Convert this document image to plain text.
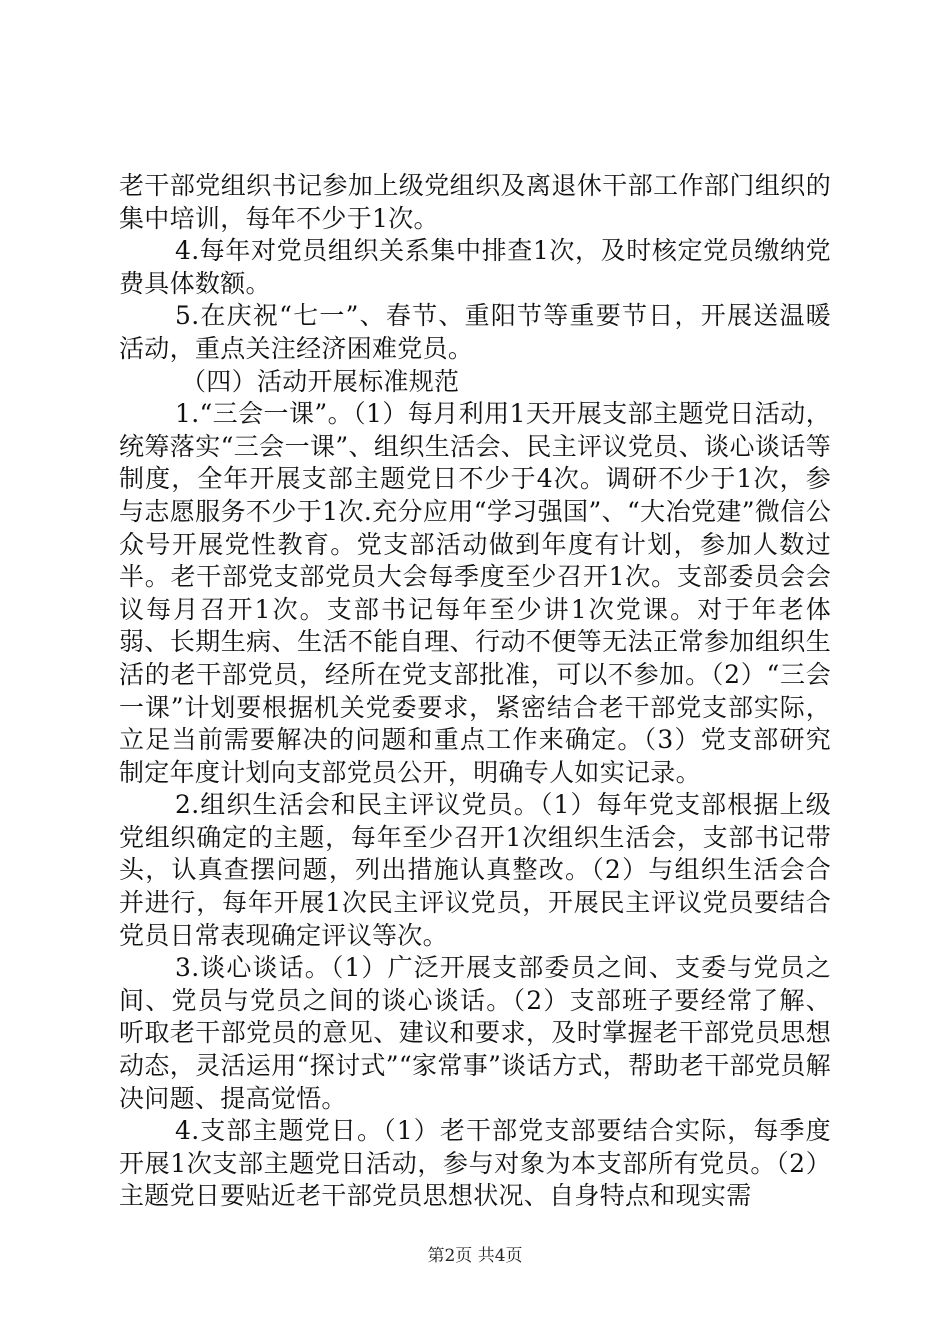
老干部党组织书记参加上级党组织及离退休干部工作部门组织的集中培训，每年不少于1次。

4.每年对党员组织关系集中排查1次，及时核定党员缴纳党费具体数额。

5.在庆祝“七一”、春节、重阳节等重要节日，开展送温暖活动，重点关注经济困难党员。

（四）活动开展标准规范

1.“三会一课”。（1）每月利用1天开展支部主题党日活动，统筹落实“三会一课”、组织生活会、民主评议党员、谈心谈话等制度，全年开展支部主题党日不少于4次。调研不少于1次，参与志愿服务不少于1次.充分应用“学习强国”、“大冶党建”微信公众号开展党性教育。党支部活动做到年度有计划，参加人数过半。老干部党支部党员大会每季度至少召开1次。支部委员会会议每月召开1次。支部书记每年至少讲1次党课。对于年老体弱、长期生病、生活不能自理、行动不便等无法正常参加组织生活的老干部党员，经所在党支部批准，可以不参加。（2）“三会一课”计划要根据机关党委要求，紧密结合老干部党支部实际，立足当前需要解决的问题和重点工作来确定。（3）党支部研究制定年度计划向支部党员公开，明确专人如实记录。

2.组织生活会和民主评议党员。（1）每年党支部根据上级党组织确定的主题，每年至少召开1次组织生活会，支部书记带头，认真查摆问题，列出措施认真整改。（2）与组织生活会合并进行，每年开展1次民主评议党员，开展民主评议党员要结合党员日常表现确定评议等次。

3.谈心谈话。（1）广泛开展支部委员之间、支委与党员之间、党员与党员之间的谈心谈话。（2）支部班子要经常了解、听取老干部党员的意见、建议和要求，及时掌握老干部党员思想动态，灵活运用“探讨式”“家常事”谈话方式，帮助老干部党员解决问题、提高觉悟。

4.支部主题党日。（1）老干部党支部要结合实际，每季度开展1次支部主题党日活动，参与对象为本支部所有党员。（2）主题党日要贴近老干部党员思想状况、自身特点和现实需

第2页 共4页
